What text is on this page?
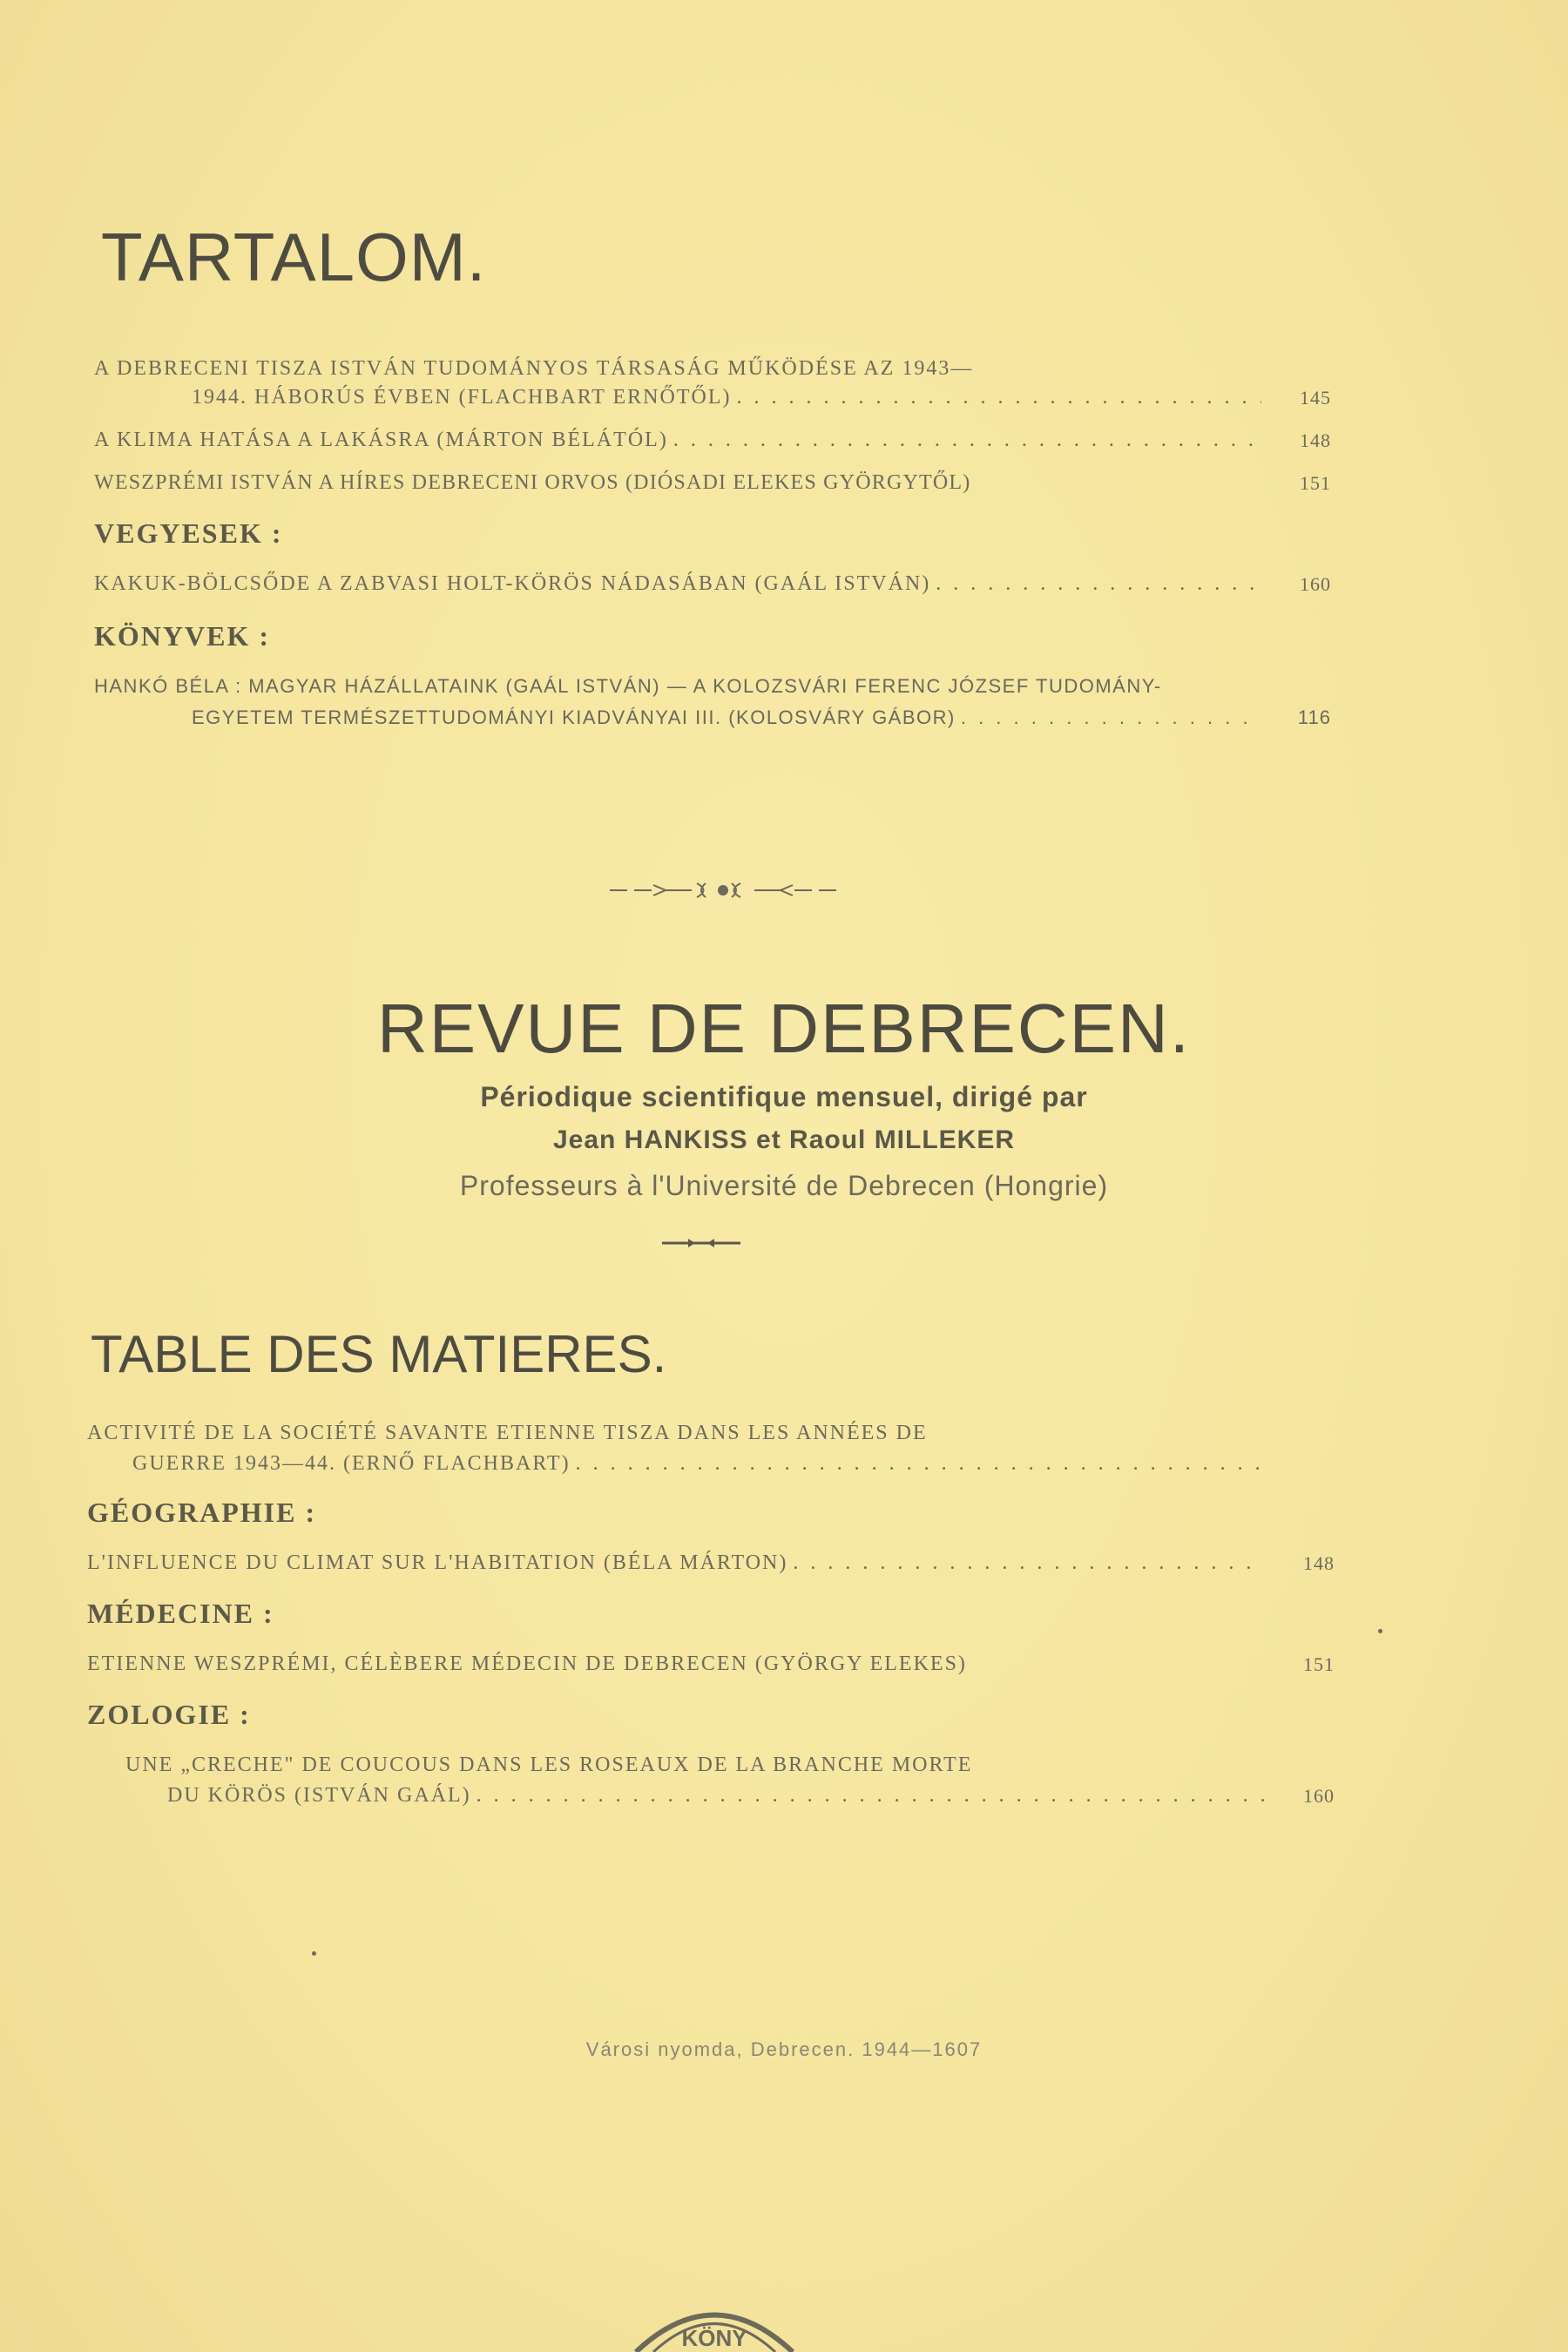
TARTALOM.
A DEBRECENI TISZA ISTVÁN TUDOMÁNYOS TÁRSASÁG MŰKÖDÉSE AZ 1943—
1944. HÁBORÚS ÉVBEN (FLACHBART ERNŐTŐL) . . .	145
A KLIMA HATÁSA A LAKÁSRA (MÁRTON BÉLÁTÓL) . . .	148
WESZPRÉMI ISTVÁN A HÍRES DEBRECENI ORVOS (DIÓSADI ELEKES GYÖRGYTŐL)	151
VEGYESEK :
KAKUK-BÖLCSŐDE A ZABVASI HOLT-KÖRÖS NÁDASÁBAN (GAÁL ISTVÁN) . . .	160
KÖNYVEK :
HANKÓ BÉLA : MAGYAR HÁZÁLLATAINK (GAÁL ISTVÁN) — A KOLOZSVÁRI FERENC JÓZSEF TUDOMÁNY-
EGYETEM TERMÉSZETTUDOMÁNYI KIADVÁNYAI III. (KOLOSVÁRY GÁBOR) . . .	116
REVUE DE DEBRECEN.
Périodique scientifique mensuel, dirigé par
Jean HANKISS et Raoul MILLEKER
Professeurs à l'Université de Debrecen (Hongrie)
TABLE DES MATIERES.
ACTIVITÉ DE LA SOCIÉTÉ SAVANTE ETIENNE TISZA DANS LES ANNÉES DE
GUERRE 1943—44. (ERNŐ FLACHBART)
. . .
GÉOGRAPHIE :
L'INFLUENCE DU CLIMAT SUR L'HABITATION (BÉLA MÁRTON) . . .	148
MÉDECINE :
ETIENNE WESZPRÉMI, CÉLÈBERE MÉDECIN DE DEBRECEN (GYÖRGY ELEKES)	151
ZOLOGIE :
UNE „CRECHE" DE COUCOUS DANS LES ROSEAUX DE LA BRANCHE MORTE
DU KÖRÖS (ISTVÁN GAÁL) . . .	160
Városi nyomda, Debrecen. 1944—1607
KÖNY
